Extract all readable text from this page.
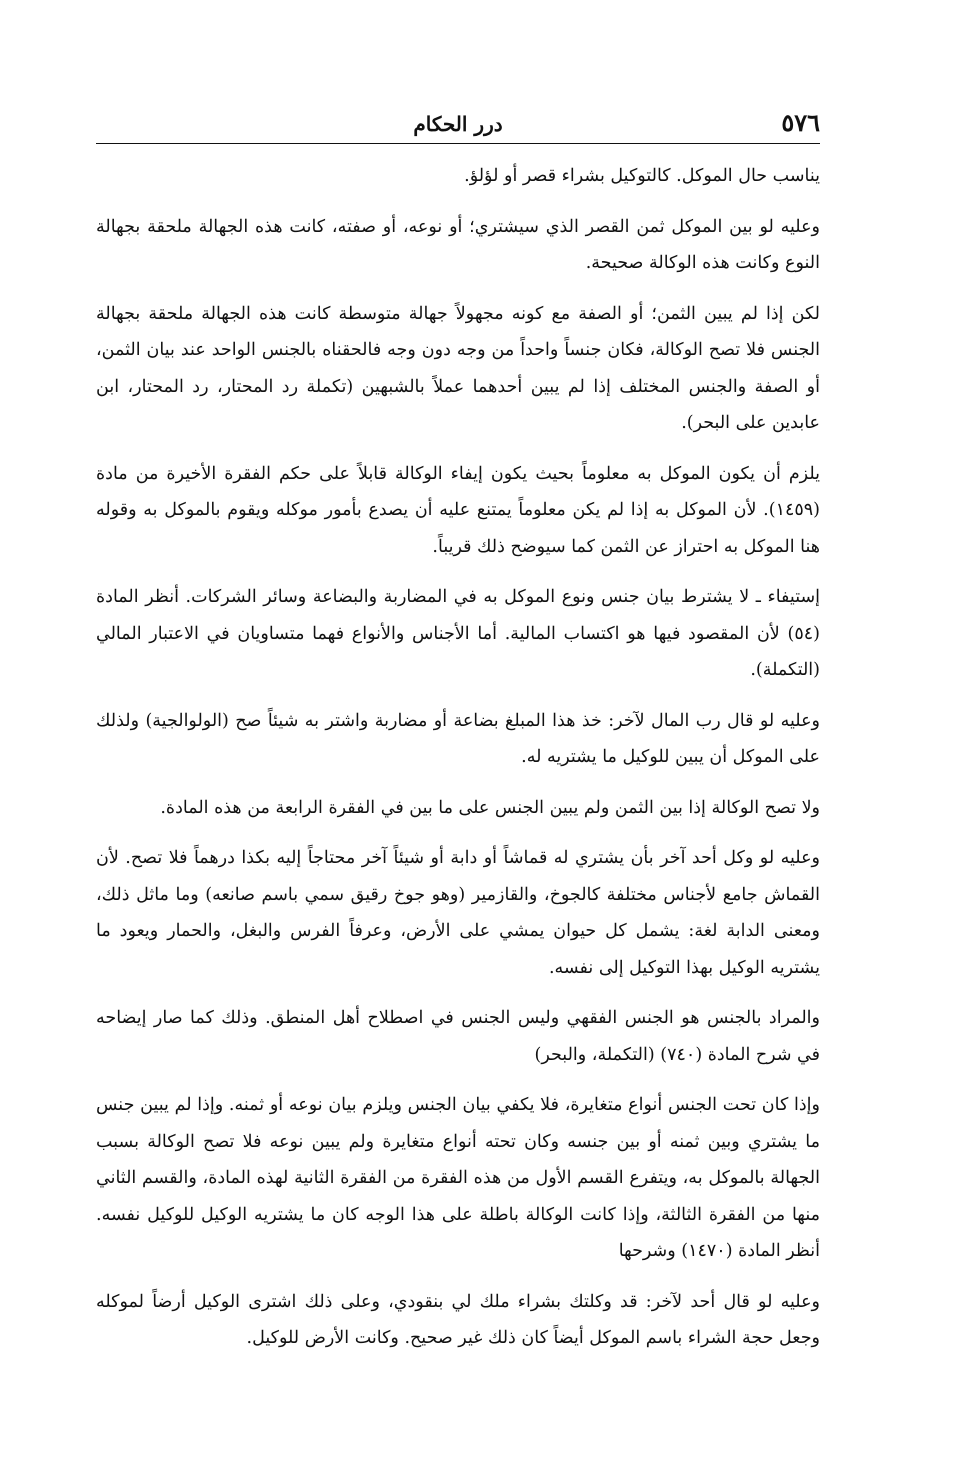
٥٧٦
درر الحكام

يناسب حال الموكل. كالتوكيل بشراء قصر أو لؤلؤ.

وعليه لو بين الموكل ثمن القصر الذي سيشتري؛ أو نوعه، أو صفته، كانت هذه الجهالة ملحقة بجهالة النوع وكانت هذه الوكالة صحيحة.

لكن إذا لم يبين الثمن؛ أو الصفة مع كونه مجهولاً جهالة متوسطة كانت هذه الجهالة ملحقة بجهالة الجنس فلا تصح الوكالة، فكان جنساً واحداً من وجه دون وجه فالحقناه بالجنس الواحد عند بيان الثمن، أو الصفة والجنس المختلف إذا لم يبين أحدهما عملاً بالشبهين (تكملة رد المحتار، رد المحتار، ابن عابدين على البحر).

يلزم أن يكون الموكل به معلوماً بحيث يكون إيفاء الوكالة قابلاً على حكم الفقرة الأخيرة من مادة (١٤٥٩). لأن الموكل به إذا لم يكن معلوماً يمتنع عليه أن يصدع بأمور موكله ويقوم بالموكل به وقوله هنا الموكل به احتراز عن الثمن كما سيوضح ذلك قريباً.

إستيفاء ـ لا يشترط بيان جنس ونوع الموكل به في المضاربة والبضاعة وسائر الشركات. أنظر المادة (٥٤) لأن المقصود فيها هو اكتساب المالية. أما الأجناس والأنواع فهما متساويان في الاعتبار المالي (التكملة).

وعليه لو قال رب المال لآخر: خذ هذا المبلغ بضاعة أو مضاربة واشتر به شيئاً صح (الولوالجية) ولذلك على الموكل أن يبين للوكيل ما يشتريه له.

ولا تصح الوكالة إذا بين الثمن ولم يبين الجنس على ما بين في الفقرة الرابعة من هذه المادة.

وعليه لو وكل أحد آخر بأن يشتري له قماشاً أو دابة أو شيئاً آخر محتاجاً إليه بكذا درهماً فلا تصح. لأن القماش جامع لأجناس مختلفة كالجوخ، والقازمير (وهو جوخ رقيق سمي باسم صانعه) وما ماثل ذلك، ومعنى الدابة لغة: يشمل كل حيوان يمشي على الأرض، وعرفاً الفرس والبغل، والحمار ويعود ما يشتريه الوكيل بهذا التوكيل إلى نفسه.

والمراد بالجنس هو الجنس الفقهي وليس الجنس في اصطلاح أهل المنطق. وذلك كما صار إيضاحه في شرح المادة (٧٤٠) (التكملة، والبحر)

وإذا كان تحت الجنس أنواع متغايرة، فلا يكفي بيان الجنس ويلزم بيان نوعه أو ثمنه. وإذا لم يبين جنس ما يشتري وبين ثمنه أو بين جنسه وكان تحته أنواع متغايرة ولم يبين نوعه فلا تصح الوكالة بسبب الجهالة بالموكل به، ويتفرع القسم الأول من هذه الفقرة من الفقرة الثانية لهذه المادة، والقسم الثاني منها من الفقرة الثالثة، وإذا كانت الوكالة باطلة على هذا الوجه كان ما يشتريه الوكيل للوكيل نفسه. أنظر المادة (١٤٧٠) وشرحها

وعليه لو قال أحد لآخر: قد وكلتك بشراء ملك لي بنقودي، وعلى ذلك اشترى الوكيل أرضاً لموكله وجعل حجة الشراء باسم الموكل أيضاً كان ذلك غير صحيح. وكانت الأرض للوكيل.
